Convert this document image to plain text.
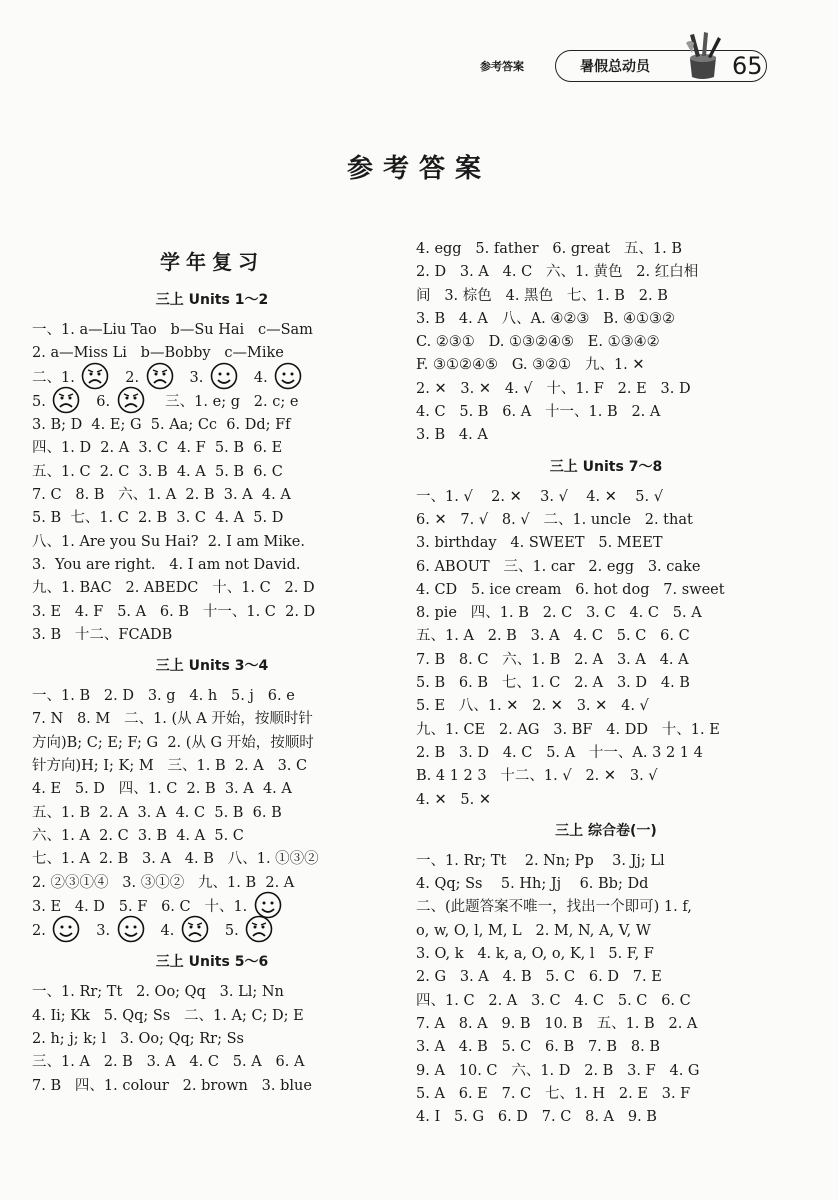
参考答案	暑假总动员	65
参考答案
学年复习
三上 Units 1～2
一、1. a—Liu Tao   b—Su Hai   c—Sam
2. a—Miss Li   b—Bobby   c—Mike
二、1.
2.
3.
4.
5.
6.
三、1. e; g   2. c; e
3. B; D  4. E; G  5. Aa; Cc  6. Dd; Ff
四、1. D  2. A  3. C  4. F  5. B  6. E
五、1. C  2. C  3. B  4. A  5. B  6. C
7. C   8. B   六、1. A  2. B  3. A  4. A
5. B  七、1. C  2. B  3. C  4. A  5. D
八、1. Are you Su Hai?  2. I am Mike.
3.  You are right.   4. I am not David.
九、1. BAC   2. ABEDC   十、1. C   2. D
3. E   4. F   5. A   6. B   十一、1. C  2. D
3. B   十二、FCADB
三上 Units 3～4
一、1. B   2. D   3. g   4. h   5. j   6. e
7. N   8. M   二、1. (从 A 开始，按顺时针
方向)B; C; E; F; G  2. (从 G 开始，按顺时
针方向)H; I; K; M   三、1. B  2. A   3. C
4. E   5. D   四、1. C  2. B  3. A  4. A
五、1. B  2. A  3. A  4. C  5. B  6. B
六、1. A  2. C  3. B  4. A  5. C
七、1. A  2. B   3. A   4. B   八、1. ①③②
2. ②③①④   3. ③①②   九、1. B  2. A
3. E   4. D   5. F   6. C   十、1.
2.
3.
4.
5.
三上 Units 5～6
一、1. Rr; Tt   2. Oo; Qq   3. Ll; Nn
4. Ii; Kk   5. Qq; Ss   二、1. A; C; D; E
2. h; j; k; l   3. Oo; Qq; Rr; Ss
三、1. A   2. B   3. A   4. C   5. A   6. A
7. B   四、1. colour   2. brown   3. blue
4. egg   5. father   6. great   五、1. B
2. D   3. A   4. C   六、1. 黄色   2. 红白相
间   3. 棕色   4. 黑色   七、1. B   2. B
3. B   4. A   八、A. ④②③   B. ④①③②
C. ②③①   D. ①③②④⑤   E. ①③④②
F. ③①②④⑤   G. ③②①   九、1. ✕
2. ✕   3. ✕   4. √   十、1. F   2. E   3. D
4. C   5. B   6. A   十一、1. B   2. A
3. B   4. A
三上 Units 7～8
一、1. √    2. ✕    3. √    4. ✕    5. √
6. ✕   7. √   8. √   二、1. uncle   2. that
3. birthday   4. SWEET   5. MEET
6. ABOUT   三、1. car   2. egg   3. cake
4. CD   5. ice cream   6. hot dog   7. sweet
8. pie   四、1. B   2. C   3. C   4. C   5. A
五、1. A   2. B   3. A   4. C   5. C   6. C
7. B   8. C   六、1. B   2. A   3. A   4. A
5. B   6. B   七、1. C   2. A   3. D   4. B
5. E   八、1. ✕   2. ✕   3. ✕   4. √
九、1. CE   2. AG   3. BF   4. DD   十、1. E
2. B   3. D   4. C   5. A   十一、A. 3 2 1 4
B. 4 1 2 3   十二、1. √   2. ✕   3. √
4. ✕   5. ✕
三上 综合卷(一)
一、1. Rr; Tt    2. Nn; Pp    3. Jj; Ll
4. Qq; Ss    5. Hh; Jj    6. Bb; Dd
二、(此题答案不唯一，找出一个即可) 1. f,
o, w, O, l, M, L   2. M, N, A, V, W
3. O, k   4. k, a, O, o, K, l   5. F, F
2. G   3. A   4. B   5. C   6. D   7. E
四、1. C   2. A   3. C   4. C   5. C   6. C
7. A   8. A   9. B   10. B   五、1. B   2. A
3. A   4. B   5. C   6. B   7. B   8. B
9. A   10. C   六、1. D   2. B   3. F   4. G
5. A   6. E   7. C   七、1. H   2. E   3. F
4. I   5. G   6. D   7. C   8. A   9. B
